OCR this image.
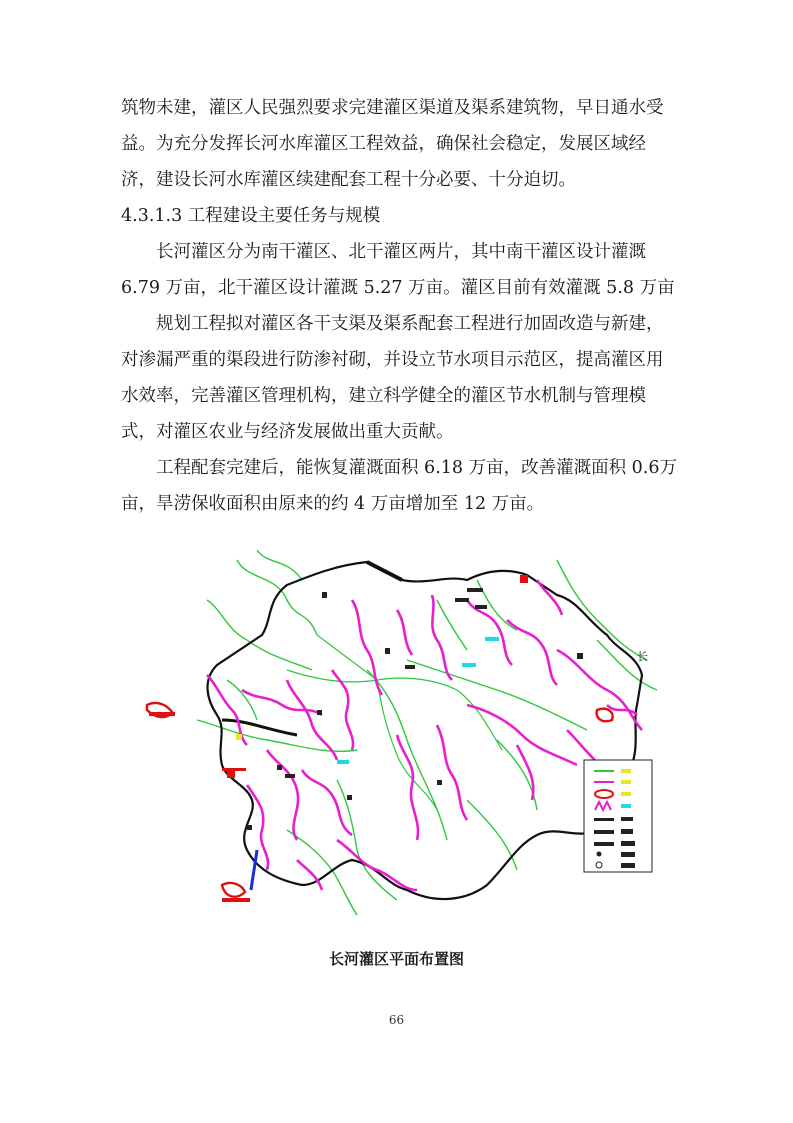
筑物未建，灌区人民强烈要求完建灌区渠道及渠系建筑物，早日通水受益。为充分发挥长河水库灌区工程效益，确保社会稳定，发展区域经济，建设长河水库灌区续建配套工程十分必要、十分迫切。

4.3.1.3 工程建设主要任务与规模

长河灌区分为南干灌区、北干灌区两片，其中南干灌区设计灌溉6.79 万亩，北干灌区设计灌溉 5.27 万亩。灌区目前有效灌溉 5.8 万亩

规划工程拟对灌区各干支渠及渠系配套工程进行加固改造与新建，对渗漏严重的渠段进行防渗衬砌，并设立节水项目示范区，提高灌区用水效率，完善灌区管理机构，建立科学健全的灌区节水机制与管理模式，对灌区农业与经济发展做出重大贡献。

工程配套完建后，能恢复灌溉面积 6.18 万亩，改善灌溉面积 0.6万亩，旱涝保收面积由原来的约 4 万亩增加至 12 万亩。

长
长河灌区平面布置图
66
